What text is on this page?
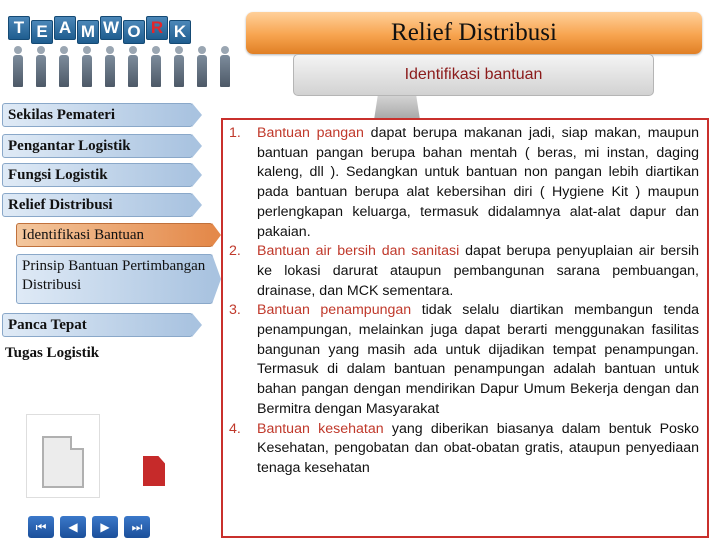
T E A M W O R K	Relief Distribusi
Identifikasi bantuan
Sekilas Pemateri
Pengantar Logistik
Fungsi Logistik
Relief Distribusi
Identifikasi Bantuan
Prinsip Bantuan Pertimbangan Distribusi
Panca Tepat
Tugas Logistik
1. Bantuan pangan dapat berupa makanan jadi, siap makan, maupun bantuan pangan berupa bahan mentah ( beras, mi instan, daging kaleng, dll ). Sedangkan untuk bantuan non pangan lebih diartikan pada bantuan berupa alat kebersihan diri ( Hygiene Kit ) maupun perlengkapan keluarga, termasuk didalamnya alat-alat dapur dan pakaian.
2. Bantuan air bersih dan sanitasi dapat berupa penyuplaian air bersih ke lokasi darurat ataupun pembangunan sarana pembuangan, drainase, dan MCK sementara.
3. Bantuan penampungan tidak selalu diartikan membangun tenda penampungan, melainkan juga dapat berarti menggunakan fasilitas bangunan yang masih ada untuk dijadikan tempat penampungan. Termasuk di dalam bantuan penampungan adalah bantuan untuk bahan pangan dengan mendirikan Dapur Umum Bekerja dengan dan Bermitra dengan Masyarakat
4. Bantuan kesehatan yang diberikan biasanya dalam bentuk Posko Kesehatan, pengobatan dan obat-obatan gratis, ataupun penyediaan tenaga kesehatan
⏮ ◀ ▶ ⏭
